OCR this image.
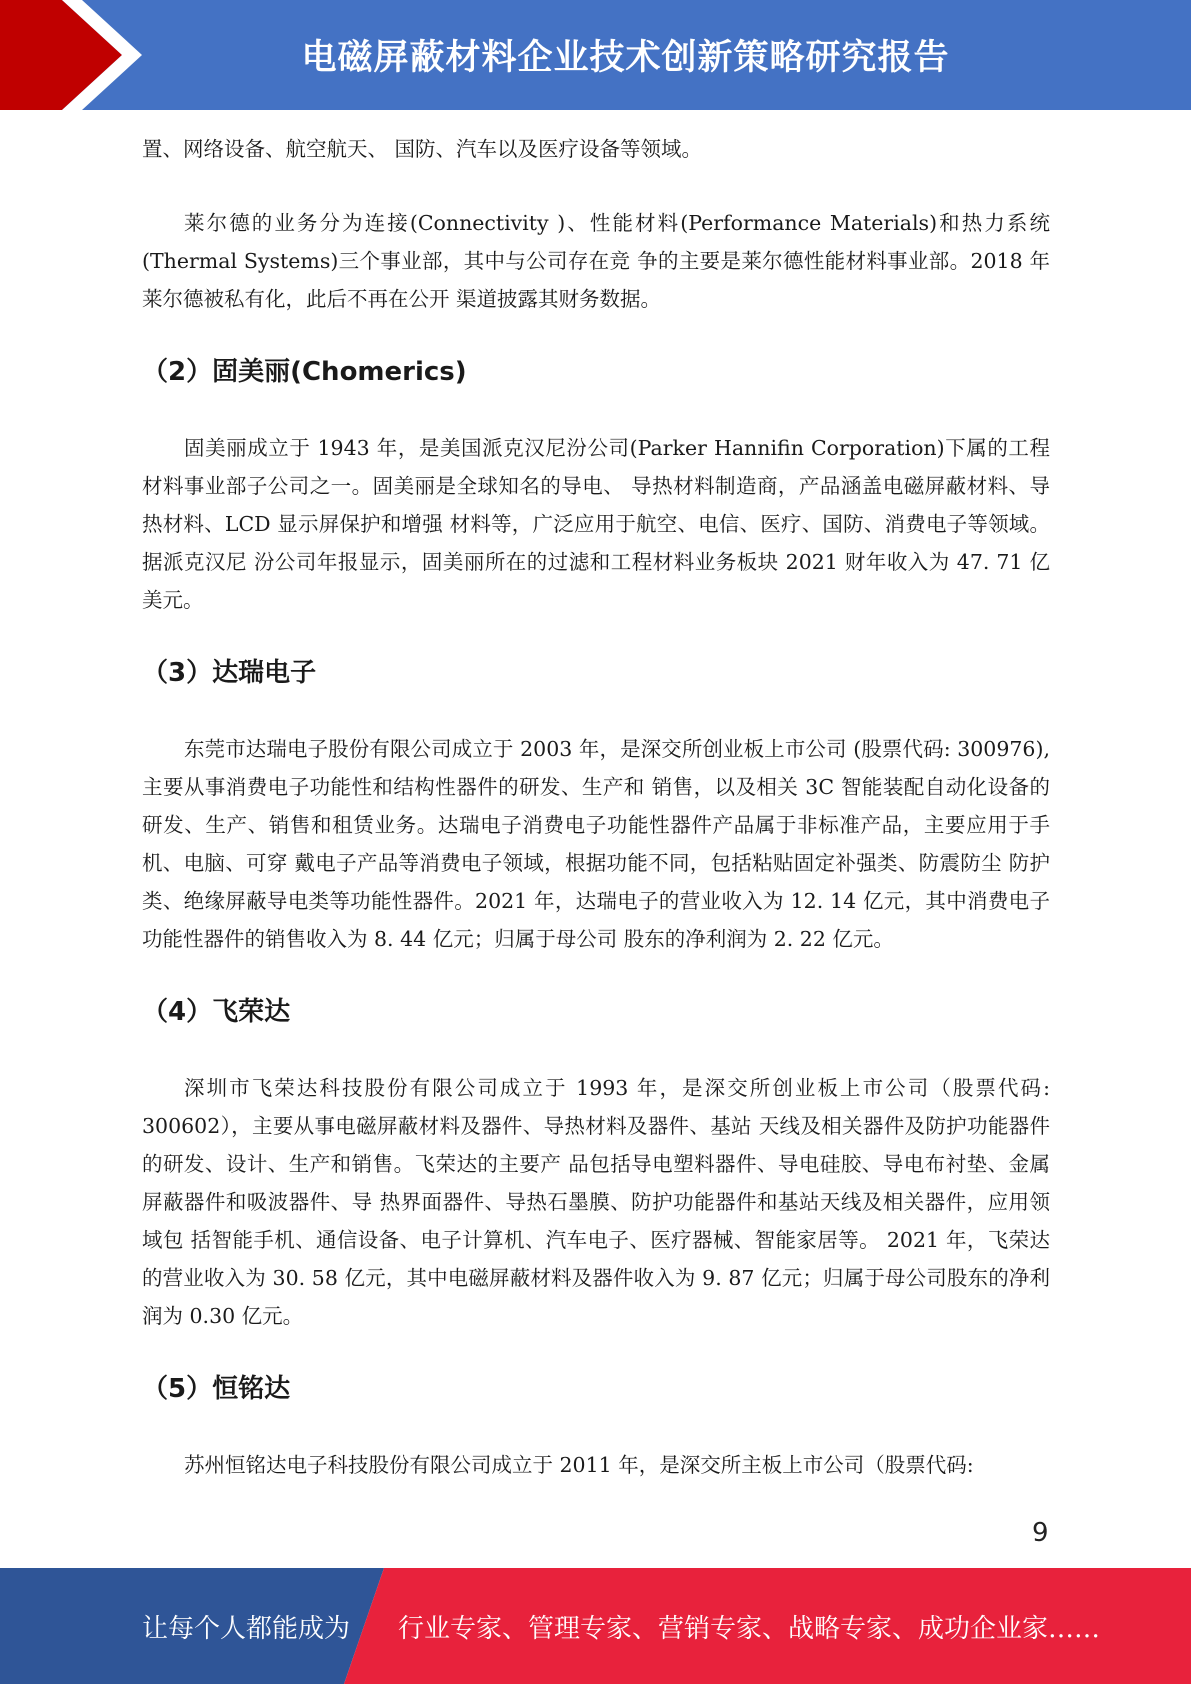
电磁屏蔽材料企业技术创新策略研究报告

置、网络设备、航空航天、 国防、汽车以及医疗设备等领域。

莱尔德的业务分为连接(Connectivity )、性能材料(Performance Materials)和热力系统(Thermal Systems)三个事业部，其中与公司存在竞 争的主要是莱尔德性能材料事业部。2018 年莱尔德被私有化，此后不再在公开 渠道披露其财务数据。

（2）固美丽(Chomerics)

固美丽成立于 1943 年，是美国派克汉尼汾公司(Parker Hannifin Corporation)下属的工程材料事业部子公司之一。固美丽是全球知名的导电、 导热材料制造商，产品涵盖电磁屏蔽材料、导热材料、LCD 显示屏保护和增强 材料等，广泛应用于航空、电信、医疗、国防、消费电子等领域。据派克汉尼 汾公司年报显示，固美丽所在的过滤和工程材料业务板块 2021 财年收入为 47. 71 亿美元。

（3）达瑞电子

东莞市达瑞电子股份有限公司成立于 2003 年，是深交所创业板上市公司 (股票代码: 300976),主要从事消费电子功能性和结构性器件的研发、生产和 销售，以及相关 3C 智能装配自动化设备的研发、生产、销售和租赁业务。达瑞电子消费电子功能性器件产品属于非标准产品，主要应用于手机、电脑、可穿 戴电子产品等消费电子领域，根据功能不同，包括粘贴固定补强类、防震防尘 防护类、绝缘屏蔽导电类等功能性器件。2021 年，达瑞电子的营业收入为 12. 14 亿元，其中消费电子功能性器件的销售收入为 8. 44 亿元；归属于母公司 股东的净利润为 2. 22 亿元。

（4）飞荣达

深圳市飞荣达科技股份有限公司成立于 1993 年，是深交所创业板上市公司（股票代码: 300602），主要从事电磁屏蔽材料及器件、导热材料及器件、基站 天线及相关器件及防护功能器件的研发、设计、生产和销售。飞荣达的主要产 品包括导电塑料器件、导电硅胶、导电布衬垫、金属屏蔽器件和吸波器件、导 热界面器件、导热石墨膜、防护功能器件和基站天线及相关器件，应用领域包 括智能手机、通信设备、电子计算机、汽车电子、医疗器械、智能家居等。 2021 年，飞荣达的营业收入为 30. 58 亿元，其中电磁屏蔽材料及器件收入为 9. 87 亿元；归属于母公司股东的净利润为 0.30 亿元。

（5）恒铭达

苏州恒铭达电子科技股份有限公司成立于 2011 年，是深交所主板上市公司（股票代码:

9
让每个人都能成为 行业专家、管理专家、营销专家、战略专家、成功企业家……
